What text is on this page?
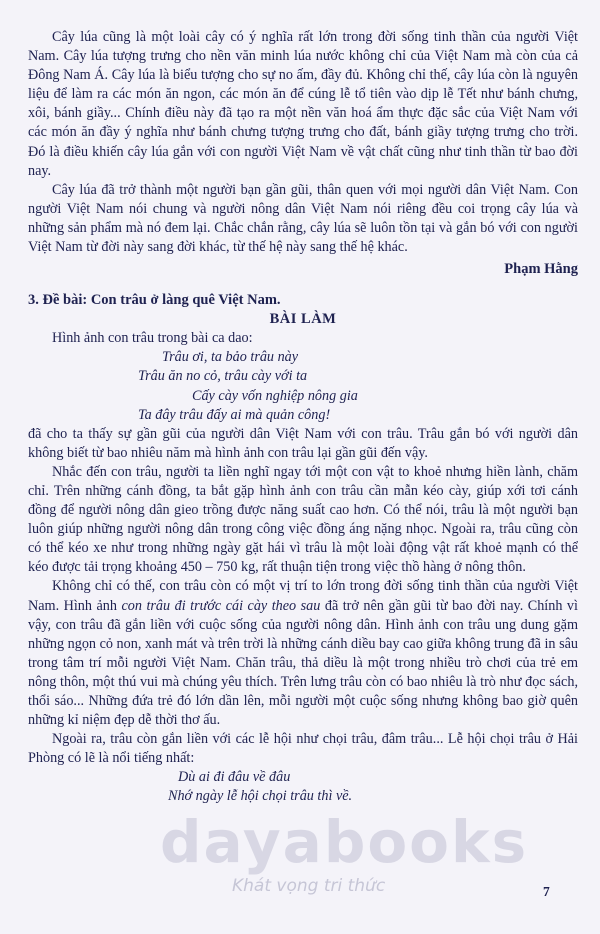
Cây lúa cũng là một loài cây có ý nghĩa rất lớn trong đời sống tinh thần của người Việt Nam. Cây lúa tượng trưng cho nền văn minh lúa nước không chỉ của Việt Nam mà còn của cả Đông Nam Á. Cây lúa là biểu tượng cho sự no ấm, đầy đủ. Không chỉ thế, cây lúa còn là nguyên liệu để làm ra các món ăn ngon, các món ăn để cúng lễ tổ tiên vào dịp lễ Tết như bánh chưng, xôi, bánh giầy... Chính điều này đã tạo ra một nền văn hoá ẩm thực đặc sắc của Việt Nam với các món ăn đầy ý nghĩa như bánh chưng tượng trưng cho đất, bánh giầy tượng trưng cho trời. Đó là điều khiến cây lúa gắn với con người Việt Nam về vật chất cũng như tinh thần từ bao đời nay.

Cây lúa đã trở thành một người bạn gần gũi, thân quen với mọi người dân Việt Nam. Con người Việt Nam nói chung và người nông dân Việt Nam nói riêng đều coi trọng cây lúa và những sản phẩm mà nó đem lại. Chắc chắn rằng, cây lúa sẽ luôn tồn tại và gắn bó với con người Việt Nam từ đời này sang đời khác, từ thế hệ này sang thế hệ khác.

Phạm Hằng
3. Đề bài: Con trâu ở làng quê Việt Nam.
BÀI LÀM

Hình ảnh con trâu trong bài ca dao:

Trâu ơi, ta bảo trâu này
Trâu ăn no cỏ, trâu cày với ta
Cấy cày vốn nghiệp nông gia
Ta đây trâu đấy ai mà quản công!

đã cho ta thấy sự gần gũi của người dân Việt Nam với con trâu. Trâu gắn bó với người dân không biết từ bao nhiêu năm mà hình ảnh con trâu lại gần gũi đến vậy.

Nhắc đến con trâu, người ta liền nghĩ ngay tới một con vật to khoẻ nhưng hiền lành, chăm chỉ. Trên những cánh đồng, ta bắt gặp hình ảnh con trâu cần mẫn kéo cày, giúp xới tơi cánh đồng để người nông dân gieo trồng được năng suất cao hơn. Có thể nói, trâu là một người bạn luôn giúp những người nông dân trong công việc đồng áng nặng nhọc. Ngoài ra, trâu cũng còn có thể kéo xe như trong những ngày gặt hái vì trâu là một loài động vật rất khoẻ mạnh có thể kéo được tải trọng khoảng 450 – 750 kg, rất thuận tiện trong việc thồ hàng ở nông thôn.

Không chỉ có thế, con trâu còn có một vị trí to lớn trong đời sống tinh thần của người Việt Nam. Hình ảnh con trâu đi trước cái cày theo sau đã trở nên gần gũi từ bao đời nay. Chính vì vậy, con trâu đã gắn liền với cuộc sống của người nông dân. Hình ảnh con trâu ung dung gặm những ngọn cỏ non, xanh mát và trên trời là những cánh diều bay cao giữa không trung đã in sâu trong tâm trí mỗi người Việt Nam. Chăn trâu, thả diều là một trong nhiều trò chơi của trẻ em nông thôn, một thú vui mà chúng yêu thích. Trên lưng trâu còn có bao nhiêu là trò như đọc sách, thổi sáo... Những đứa trẻ đó lớn dần lên, mỗi người một cuộc sống nhưng không bao giờ quên những kỉ niệm đẹp dễ thời thơ ấu.

Ngoài ra, trâu còn gắn liền với các lễ hội như chọi trâu, đâm trâu... Lễ hội chọi trâu ở Hải Phòng có lẽ là nổi tiếng nhất:

Dù ai đi đâu về đâu
Nhớ ngày lễ hội chọi trâu thì về.
dayabooks
Khát vọng tri thức	7
